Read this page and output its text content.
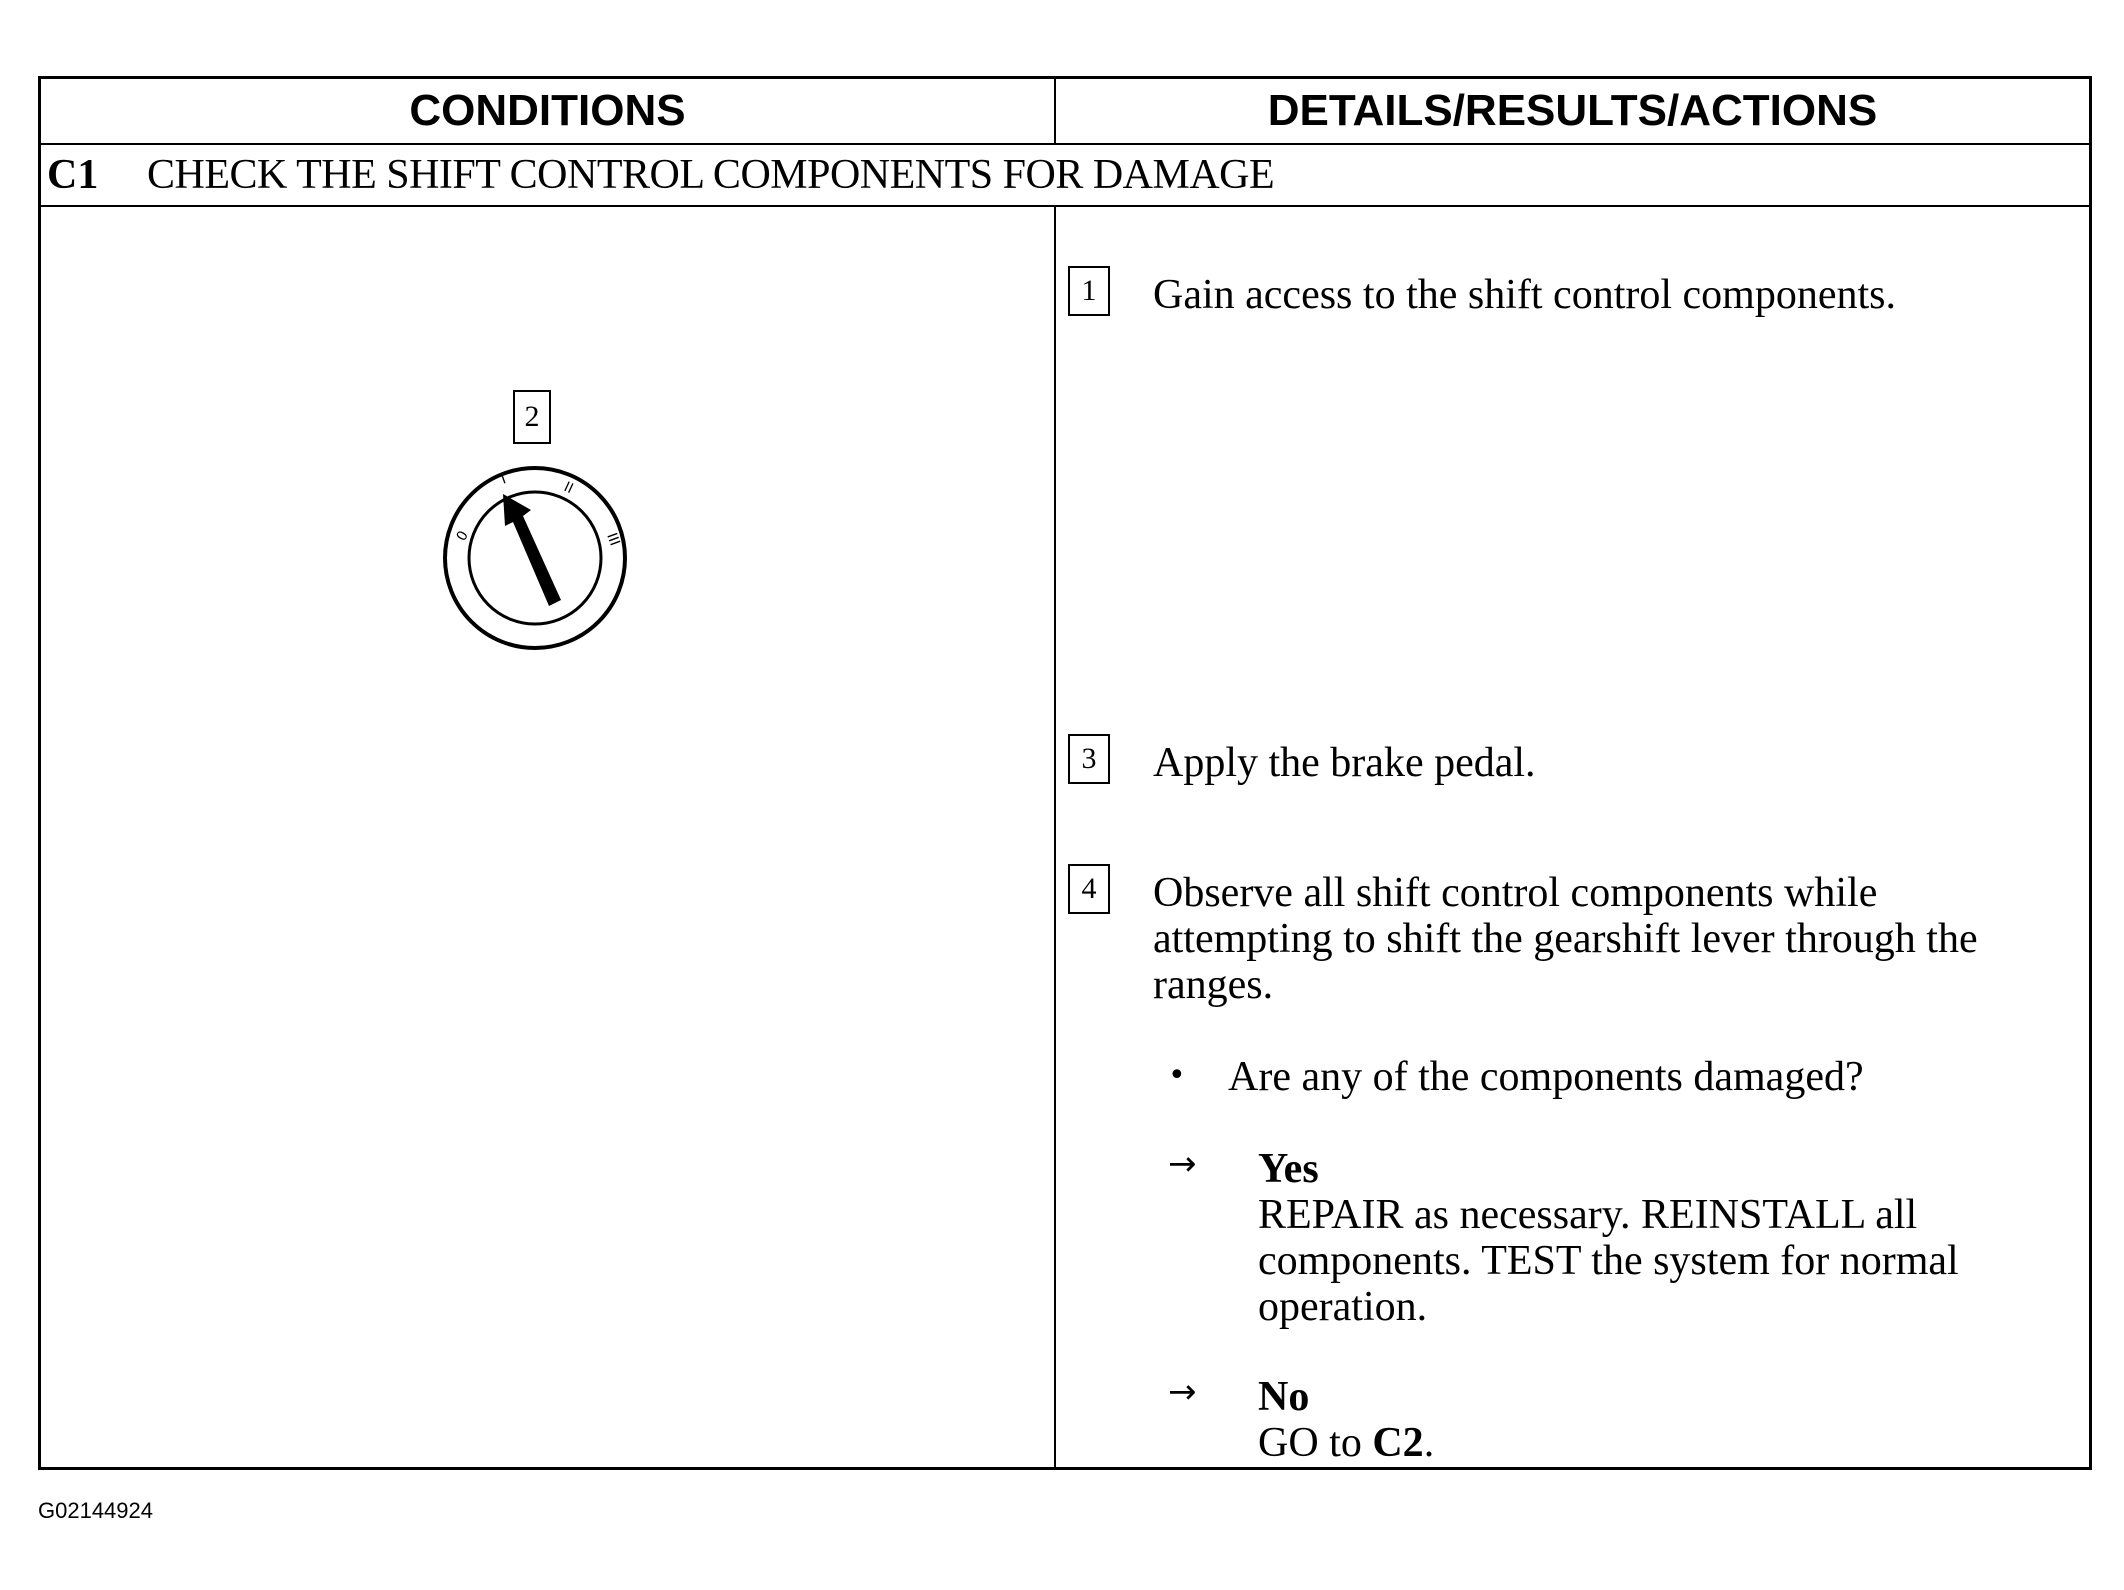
CONDITIONS	DETAILS/RESULTS/ACTIONS
C1	CHECK THE SHIFT CONTROL COMPONENTS FOR DAMAGE
2
0
I	II
III
1 Gain access to the shift control components.
3 Apply the brake pedal.
4 Observe all shift control components while attempting to shift the gearshift lever through the ranges.
• Are any of the components damaged?
→ Yes
REPAIR as necessary. REINSTALL all components. TEST the system for normal operation.
→ No
GO to C2.
G02144924
